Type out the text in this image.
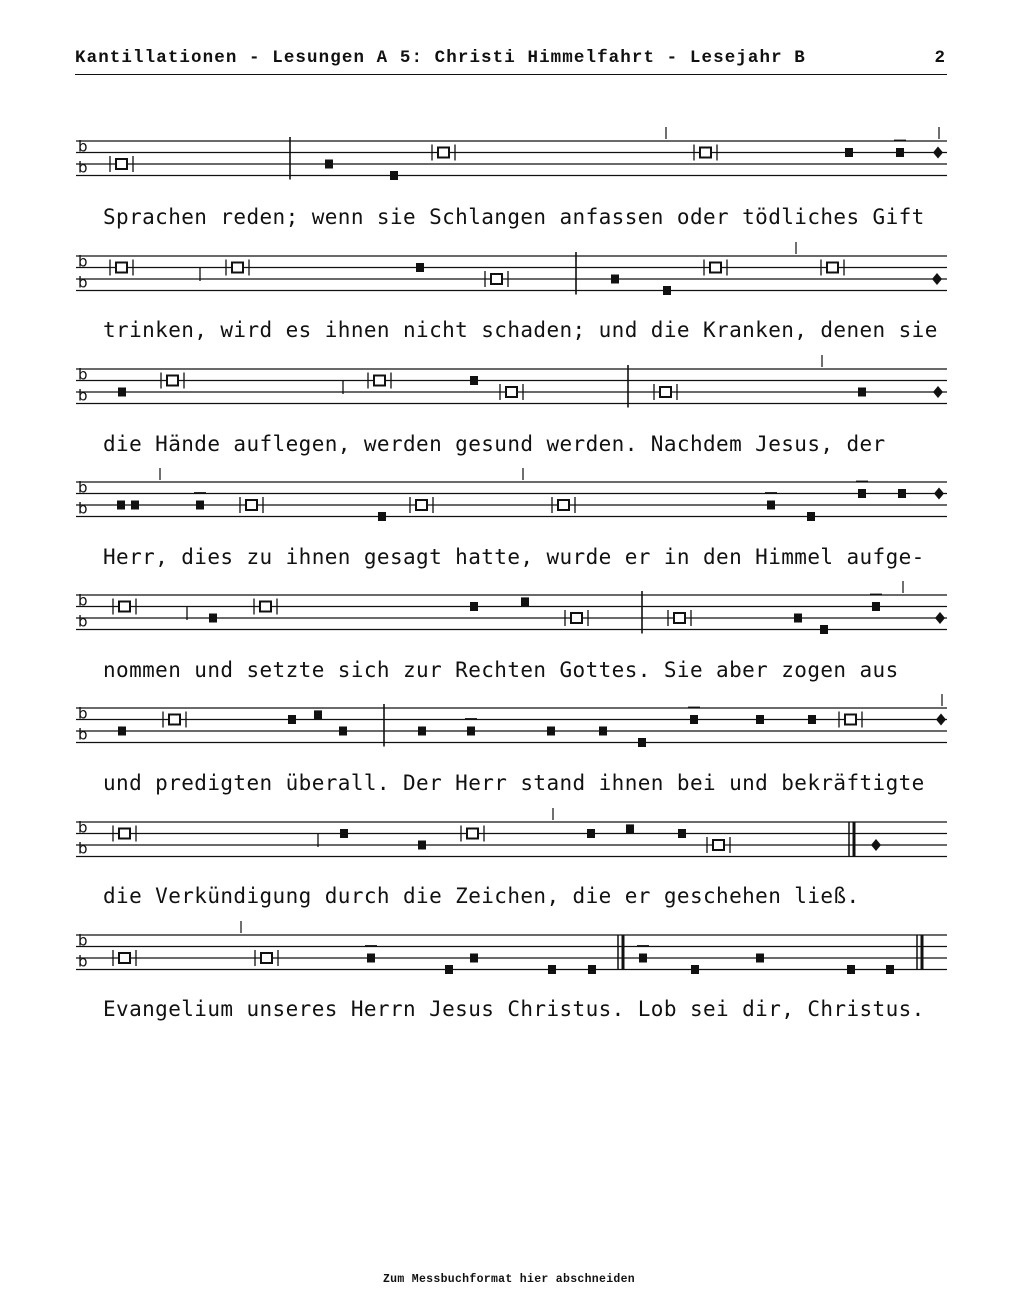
Kantillationen - Lesungen A 5: Christi Himmelfahrt - Lesejahr B	2
b
b
b
b
b
b
b
b
b
b
b
b
b
b
b
b
Sprachen reden; wenn sie Schlangen anfassen oder tödliches Gift
trinken, wird es ihnen nicht schaden; und die Kranken, denen sie
die Hände auflegen, werden gesund werden. Nachdem Jesus, der
Herr, dies zu ihnen gesagt hatte, wurde er in den Himmel aufge-
nommen und setzte sich zur Rechten Gottes. Sie aber zogen aus
und predigten überall. Der Herr stand ihnen bei und bekräftigte
die Verkündigung durch die Zeichen, die er geschehen ließ.
Evangelium unseres Herrn Jesus Christus. Lob sei dir, Christus.
Zum Messbuchformat hier abschneiden
